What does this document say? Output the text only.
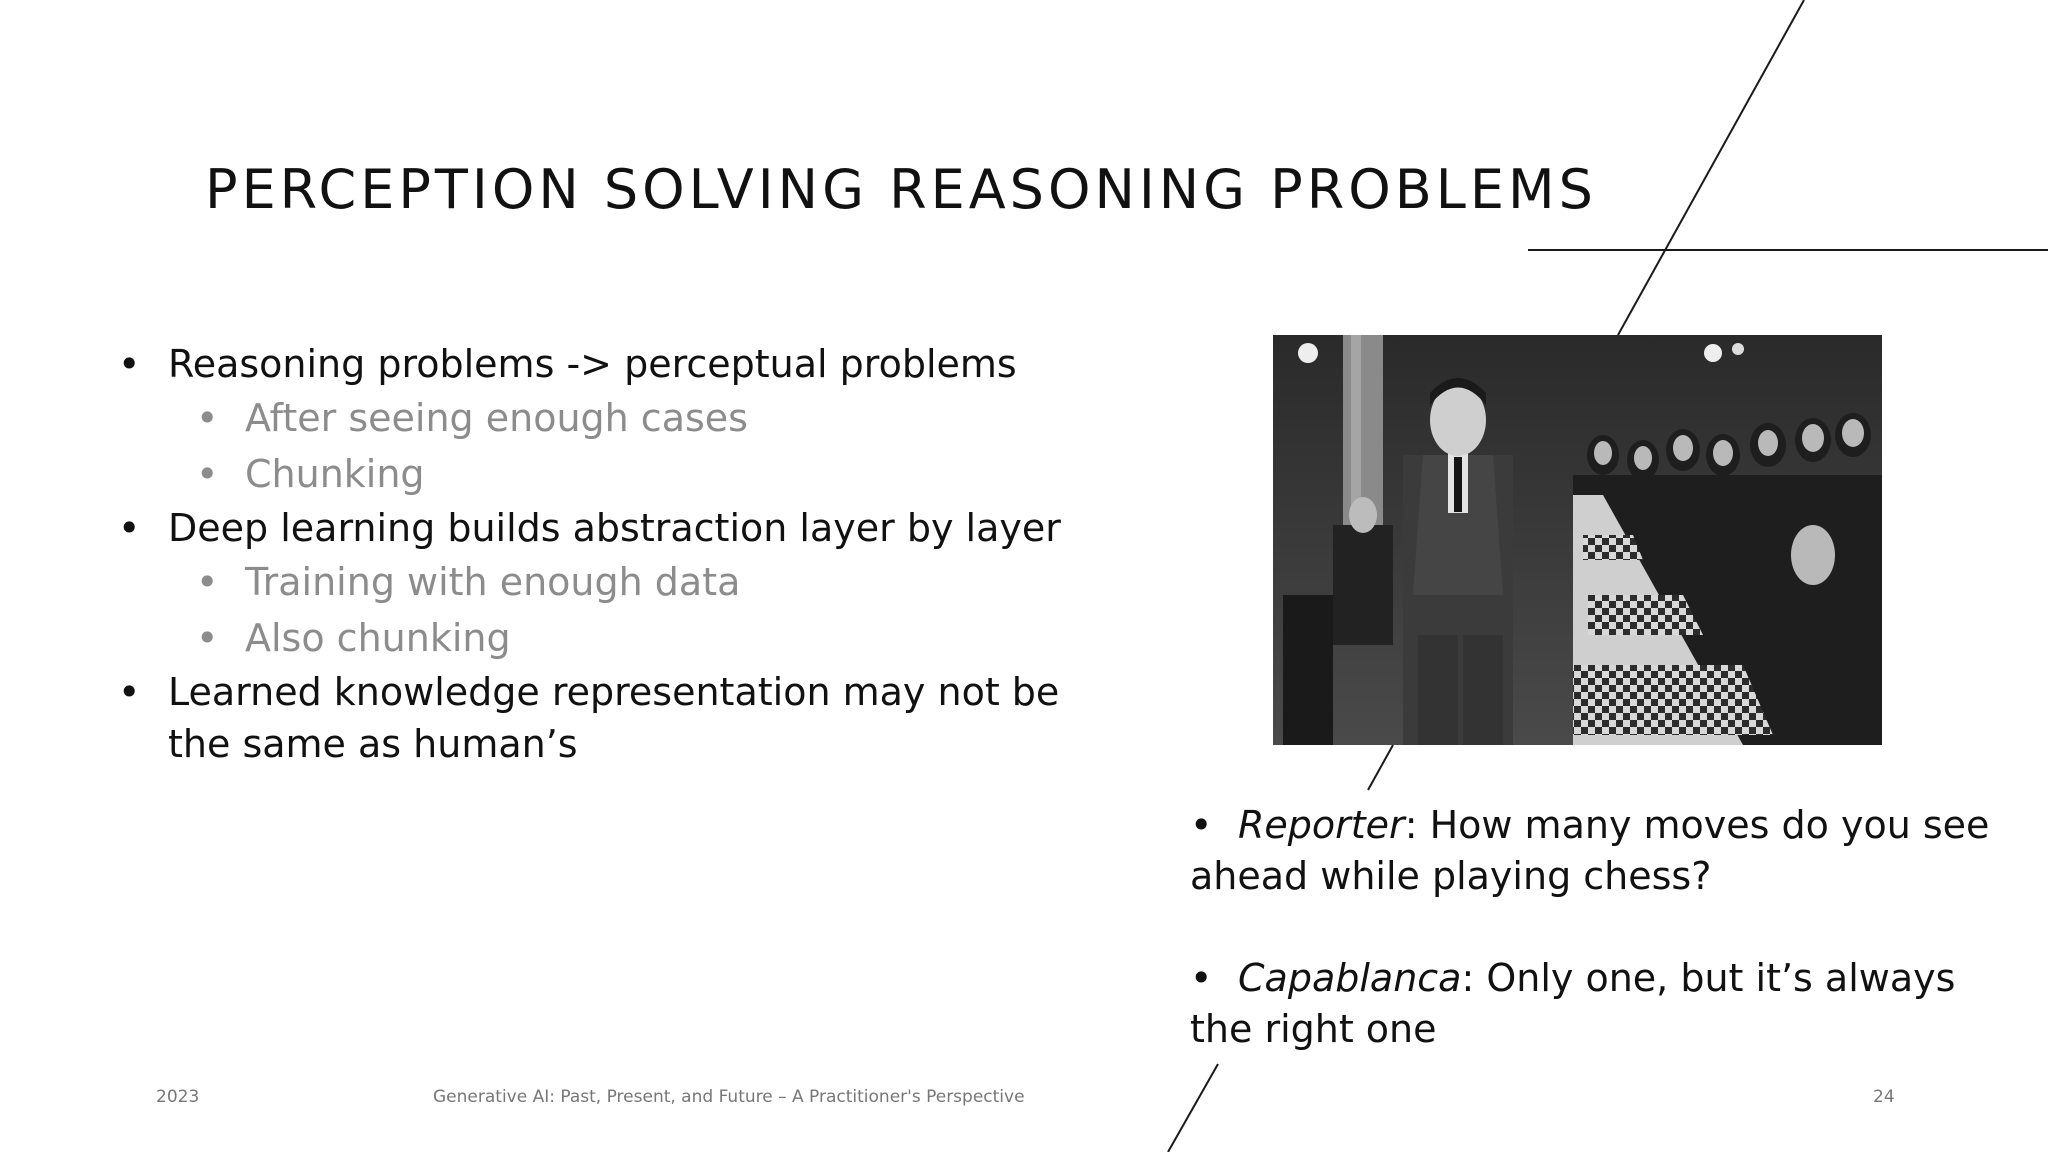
PERCEPTION SOLVING REASONING PROBLEMS
• Reasoning problems -> perceptual problems
• After seeing enough cases
• Chunking
• Deep learning builds abstraction layer by layer
• Training with enough data
• Also chunking
• Learned knowledge representation may not be the same as human’s
• Reporter: How many moves do you see ahead while playing chess?
• Capablanca: Only one, but it’s always the right one
2023	Generative AI: Past, Present, and Future – A Practitioner's Perspective	24
